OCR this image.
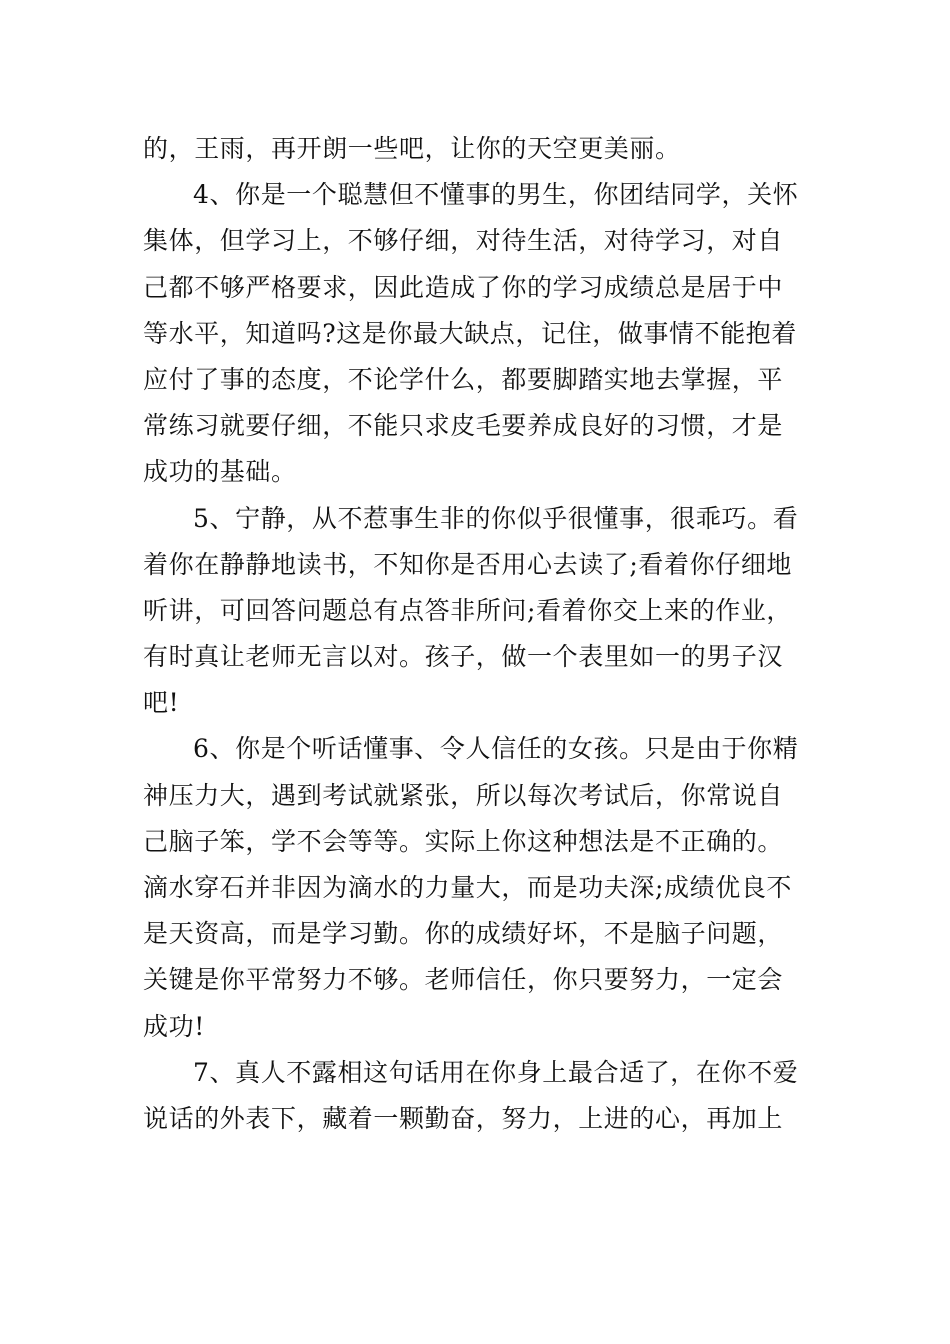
的，王雨，再开朗一些吧，让你的天空更美丽。
4、你是一个聪慧但不懂事的男生，你团结同学，关怀
集体，但学习上，不够仔细，对待生活，对待学习，对自
己都不够严格要求，因此造成了你的学习成绩总是居于中
等水平，知道吗?这是你最大缺点，记住，做事情不能抱着
应付了事的态度，不论学什么，都要脚踏实地去掌握，平
常练习就要仔细，不能只求皮毛要养成良好的习惯，才是
成功的基础。
5、宁静，从不惹事生非的你似乎很懂事，很乖巧。看
着你在静静地读书，不知你是否用心去读了;看着你仔细地
听讲，可回答问题总有点答非所问;看着你交上来的作业，
有时真让老师无言以对。孩子，做一个表里如一的男子汉
吧!
6、你是个听话懂事、令人信任的女孩。只是由于你精
神压力大，遇到考试就紧张，所以每次考试后，你常说自
己脑子笨，学不会等等。实际上你这种想法是不正确的。
滴水穿石并非因为滴水的力量大，而是功夫深;成绩优良不
是天资高，而是学习勤。你的成绩好坏，不是脑子问题，
关键是你平常努力不够。老师信任，你只要努力，一定会
成功!
7、真人不露相这句话用在你身上最合适了，在你不爱
说话的外表下，藏着一颗勤奋，努力，上进的心，再加上
